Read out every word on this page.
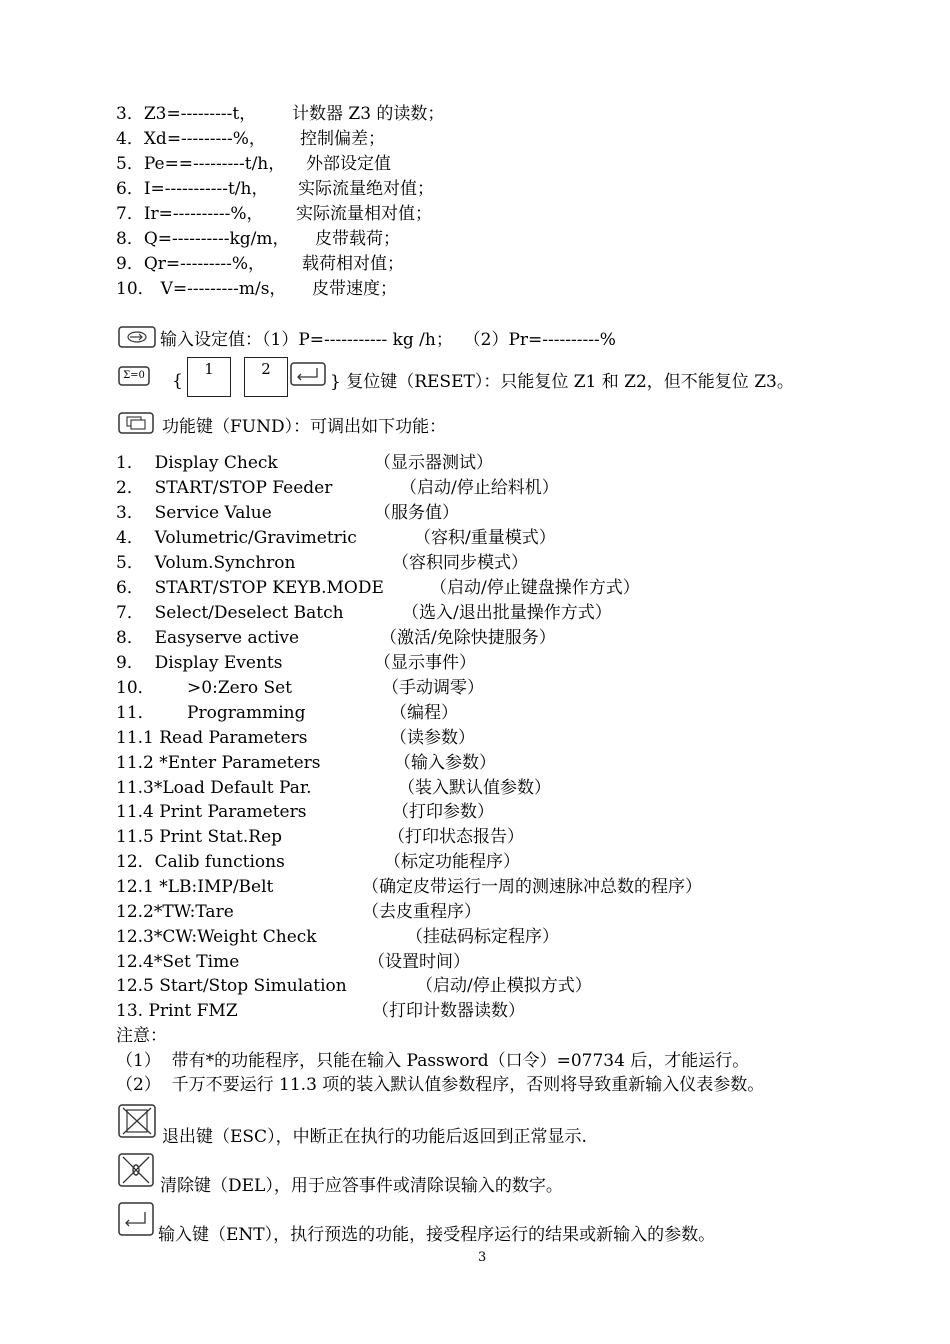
3．Z3=---------t， 计数器 Z3 的读数；
4．Xd=---------%， 控制偏差；
5．Pe==---------t/h， 外部设定值
6．I=-----------t/h， 实际流量绝对值；
7．Ir=----------%， 实际流量相对值；
8．Q=----------kg/m， 皮带载荷；
9．Qr=---------%， 载荷相对值；
10． V=---------m/s， 皮带速度；
输入设定值：（1）P=----------- kg /h；  （2）Pr=----------%
Σ=0 {
1	2
} 复位键（RESET）：只能复位 Z1 和 Z2，但不能复位 Z3。
功能键（FUND）：可调出如下功能：
1．  Display Check	（显示器测试）
2．  START/STOP Feeder	（启动/停止给料机）
3．  Service Value	（服务值）
4．  Volumetric/Gravimetric	（容积/重量模式）
5．  Volum.Synchron	（容积同步模式）
6．  START/STOP KEYB.MODE	（启动/停止键盘操作方式）
7．  Select/Deselect Batch	（选入/退出批量操作方式）
8．  Easyserve active	（激活/免除快捷服务）
9．  Display Events	（显示事件）
10．      >0:Zero Set	（手动调零）
11．      Programming	（编程）
11.1 Read Parameters	（读参数）
11.2 *Enter Parameters	（输入参数）
11.3*Load Default Par.	（装入默认值参数）
11.4 Print Parameters	（打印参数）
11.5 Print Stat.Rep	（打印状态报告）
12．Calib functions	（标定功能程序）
12.1 *LB:IMP/Belt	（确定皮带运行一周的测速脉冲总数的程序）
12.2*TW:Tare	（去皮重程序）
12.3*CW:Weight Check	（挂砝码标定程序）
12.4*Set Time	（设置时间）
12.5 Start/Stop Simulation	（启动/停止模拟方式）
13. Print FMZ	（打印计数器读数）
注意：
（1）  带有*的功能程序，只能在输入 Password（口令）=07734 后，才能运行。
（2）  千万不要运行 11.3 项的装入默认值参数程序，否则将导致重新输入仪表参数。
退出键（ESC），中断正在执行的功能后返回到正常显示.
清除键（DEL），用于应答事件或清除误输入的数字。
输入键（ENT），执行预选的功能，接受程序运行的结果或新输入的参数。
3
